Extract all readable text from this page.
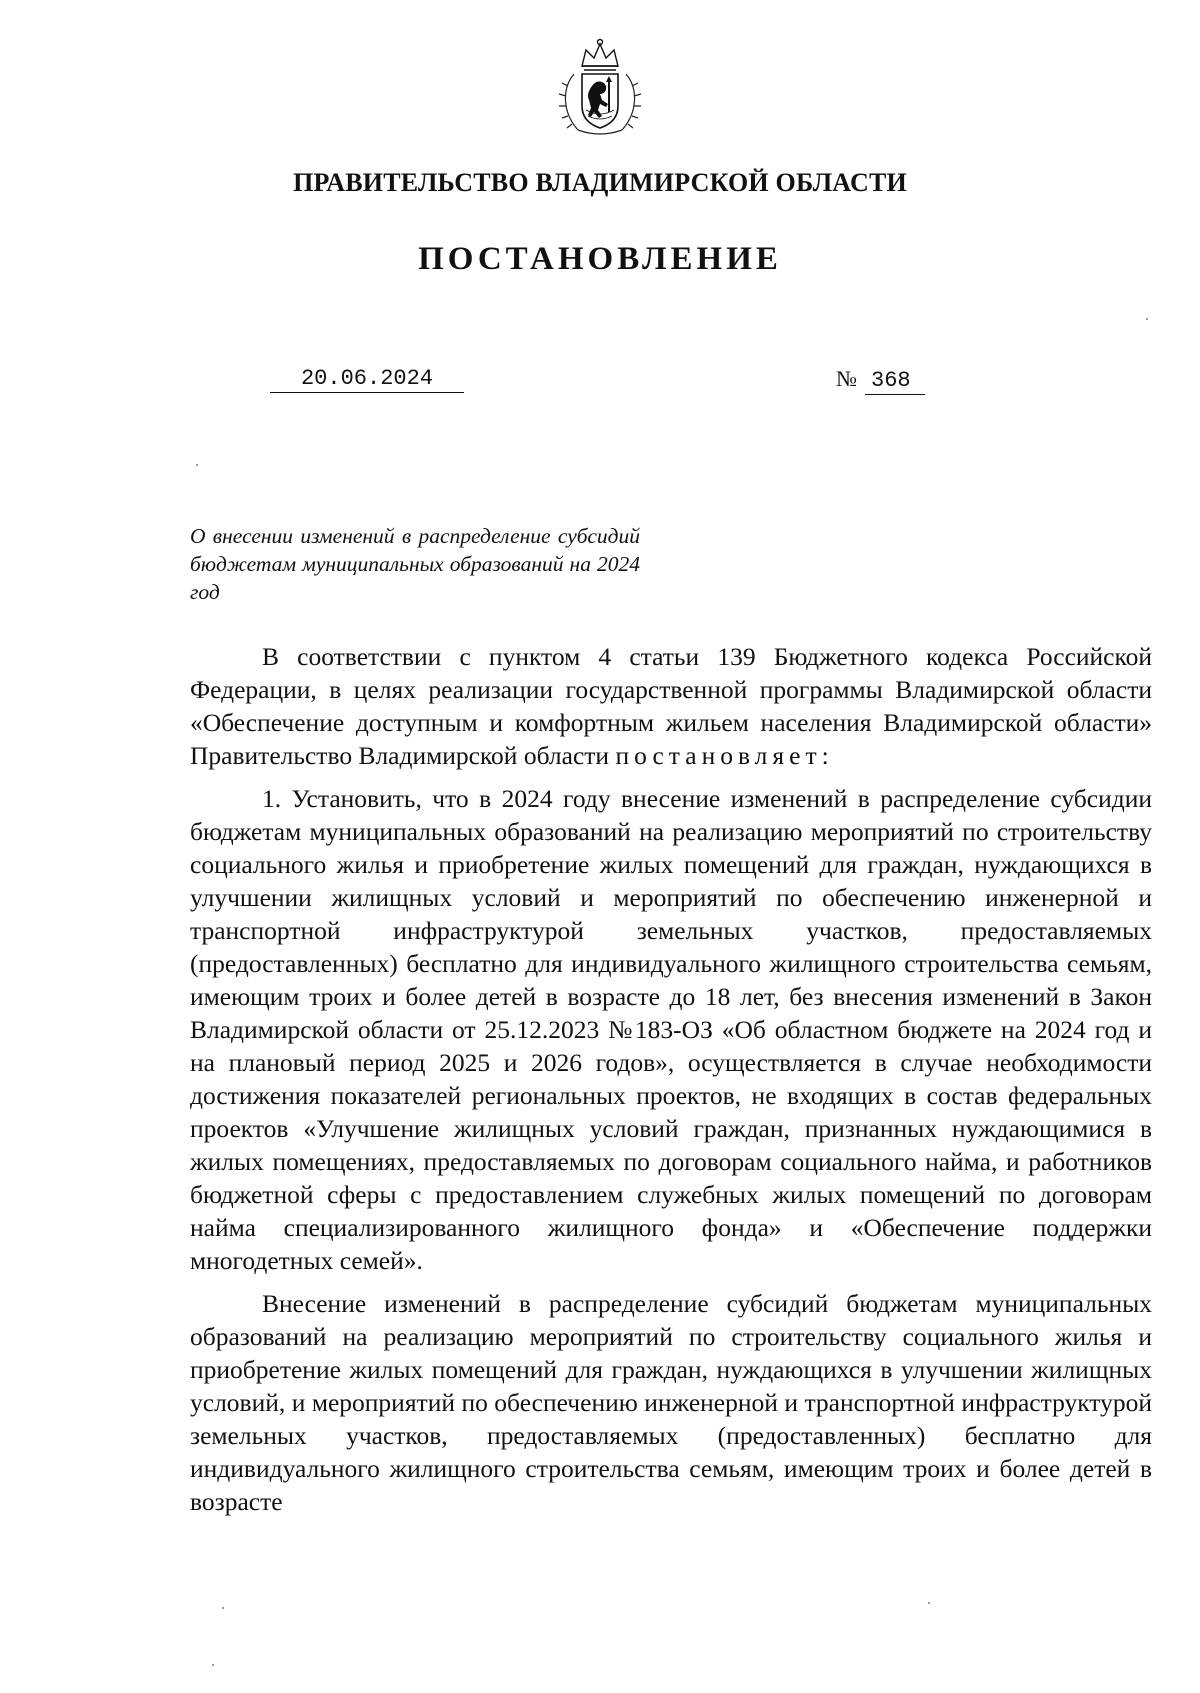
ПРАВИТЕЛЬСТВО ВЛАДИМИРСКОЙ ОБЛАСТИ
ПОСТАНОВЛЕНИЕ
20.06.2024	№ 368
О внесении изменений в распределение субсидий бюджетам муниципальных образований на 2024 год

В соответствии с пунктом 4 статьи 139 Бюджетного кодекса Российской Федерации, в целях реализации государственной программы Владимирской области «Обеспечение доступным и комфортным жильем населения Владимирской области» Правительство Владимирской области постановляет:

1. Установить, что в 2024 году внесение изменений в распределение субсидии бюджетам муниципальных образований на реализацию мероприятий по строительству социального жилья и приобретение жилых помещений для граждан, нуждающихся в улучшении жилищных условий и мероприятий по обеспечению инженерной и транспортной инфраструктурой земельных участков, предоставляемых (предоставленных) бесплатно для индивидуального жилищного строительства семьям, имеющим троих и более детей в возрасте до 18 лет, без внесения изменений в Закон Владимирской области от 25.12.2023 №183-ОЗ «Об областном бюджете на 2024 год и на плановый период 2025 и 2026 годов», осуществляется в случае необходимости достижения показателей региональных проектов, не входящих в состав федеральных проектов «Улучшение жилищных условий граждан, признанных нуждающимися в жилых помещениях, предоставляемых по договорам социального найма, и работников бюджетной сферы с предоставлением служебных жилых помещений по договорам найма специализированного жилищного фонда» и «Обеспечение поддержки многодетных семей».

Внесение изменений в распределение субсидий бюджетам муниципальных образований на реализацию мероприятий по строительству социального жилья и приобретение жилых помещений для граждан, нуждающихся в улучшении жилищных условий, и мероприятий по обеспечению инженерной и транспортной инфраструктурой земельных участков, предоставляемых (предоставленных) бесплатно для индивидуального жилищного строительства семьям, имеющим троих и более детей в возрасте
